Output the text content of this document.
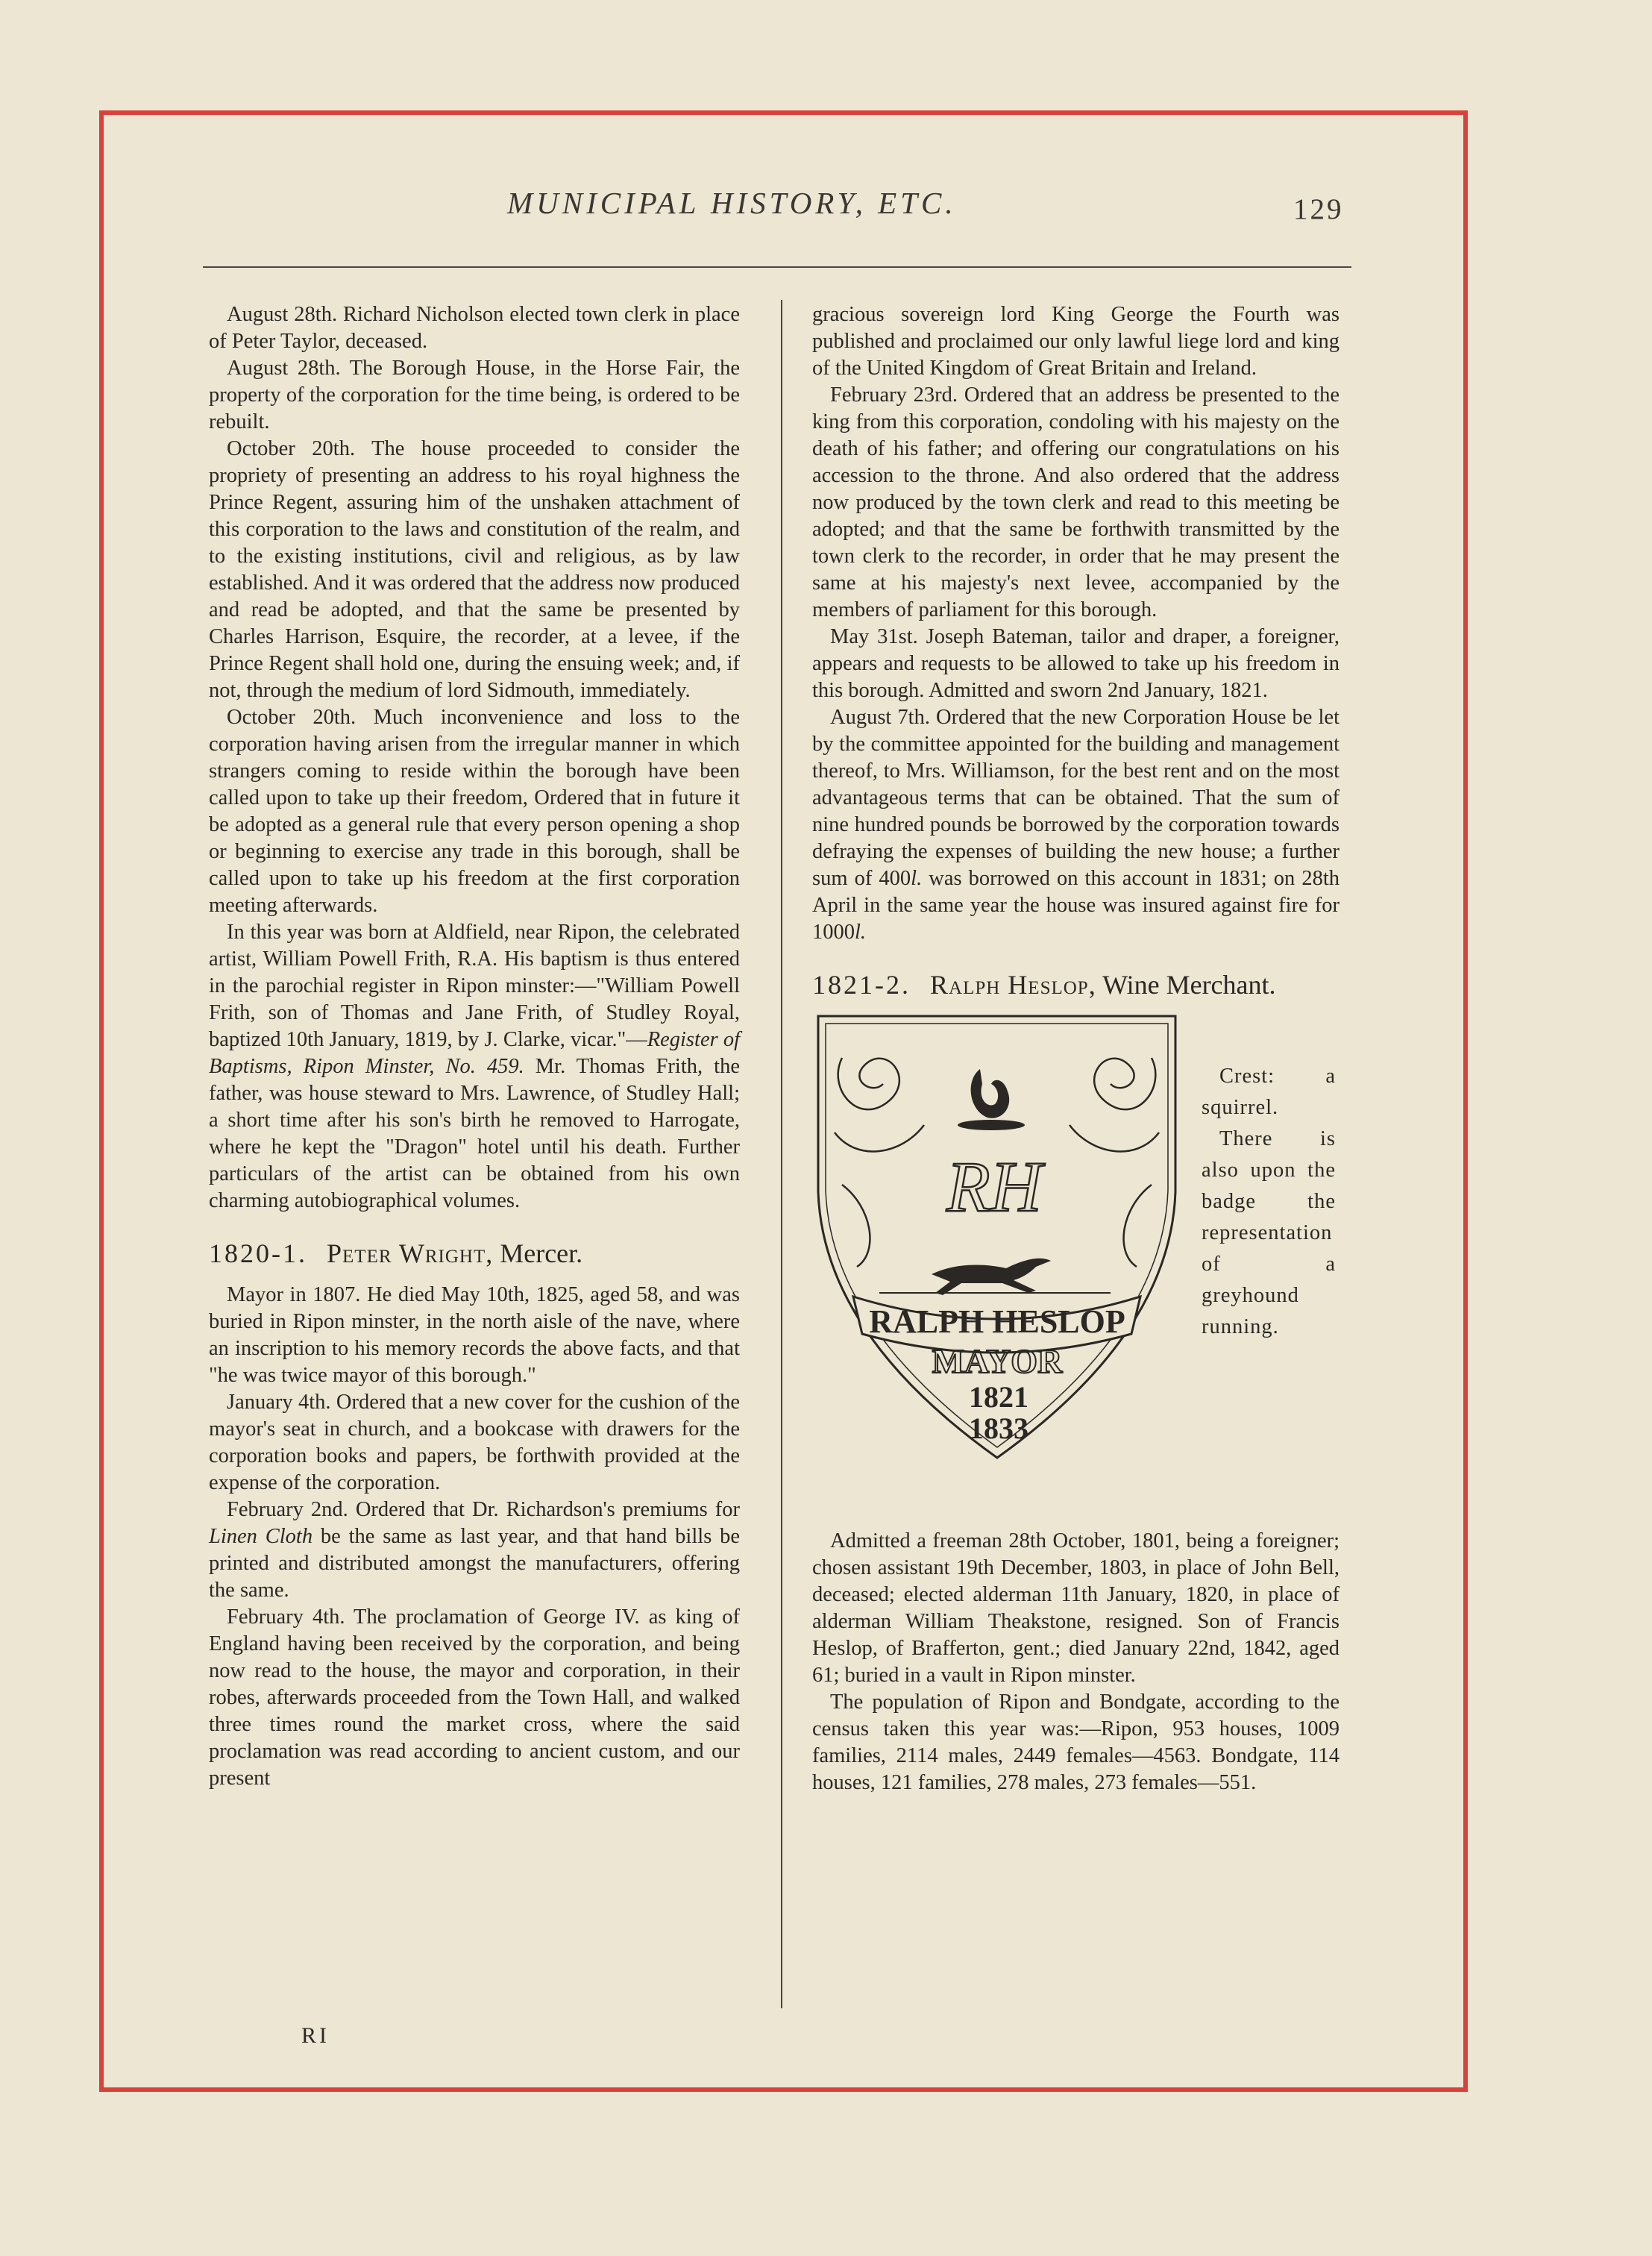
MUNICIPAL HISTORY, ETC.	129

August 28th. Richard Nicholson elected town clerk in place of Peter Taylor, deceased.

August 28th. The Borough House, in the Horse Fair, the property of the corporation for the time being, is ordered to be rebuilt.

October 20th. The house proceeded to consider the propriety of presenting an address to his royal highness the Prince Regent, assuring him of the unshaken attachment of this corporation to the laws and constitution of the realm, and to the existing institutions, civil and religious, as by law established. And it was ordered that the address now produced and read be adopted, and that the same be presented by Charles Harrison, Esquire, the recorder, at a levee, if the Prince Regent shall hold one, during the ensuing week; and, if not, through the medium of lord Sidmouth, immediately.

October 20th. Much inconvenience and loss to the corporation having arisen from the irregular manner in which strangers coming to reside within the borough have been called upon to take up their freedom, Ordered that in future it be adopted as a general rule that every person opening a shop or beginning to exercise any trade in this borough, shall be called upon to take up his freedom at the first corporation meeting afterwards.

In this year was born at Aldfield, near Ripon, the celebrated artist, William Powell Frith, R.A. His baptism is thus entered in the parochial register in Ripon minster:—"William Powell Frith, son of Thomas and Jane Frith, of Studley Royal, baptized 10th January, 1819, by J. Clarke, vicar."—Register of Baptisms, Ripon Minster, No. 459. Mr. Thomas Frith, the father, was house steward to Mrs. Lawrence, of Studley Hall; a short time after his son's birth he removed to Harrogate, where he kept the "Dragon" hotel until his death. Further particulars of the artist can be obtained from his own charming autobiographical volumes.

1820-1. Peter Wright, Mercer.

Mayor in 1807. He died May 10th, 1825, aged 58, and was buried in Ripon minster, in the north aisle of the nave, where an inscription to his memory records the above facts, and that "he was twice mayor of this borough."

January 4th. Ordered that a new cover for the cushion of the mayor's seat in church, and a bookcase with drawers for the corporation books and papers, be forthwith provided at the expense of the corporation.

February 2nd. Ordered that Dr. Richardson's premiums for Linen Cloth be the same as last year, and that hand bills be printed and distributed amongst the manufacturers, offering the same.

February 4th. The proclamation of George IV. as king of England having been received by the corporation, and being now read to the house, the mayor and corporation, in their robes, afterwards proceeded from the Town Hall, and walked three times round the market cross, where the said proclamation was read according to ancient custom, and our present

gracious sovereign lord King George the Fourth was published and proclaimed our only lawful liege lord and king of the United Kingdom of Great Britain and Ireland.

February 23rd. Ordered that an address be presented to the king from this corporation, condoling with his majesty on the death of his father; and offering our congratulations on his accession to the throne. And also ordered that the address now produced by the town clerk and read to this meeting be adopted; and that the same be forthwith transmitted by the town clerk to the recorder, in order that he may present the same at his majesty's next levee, accompanied by the members of parliament for this borough.

May 31st. Joseph Bateman, tailor and draper, a foreigner, appears and requests to be allowed to take up his freedom in this borough. Admitted and sworn 2nd January, 1821.

August 7th. Ordered that the new Corporation House be let by the committee appointed for the building and management thereof, to Mrs. Williamson, for the best rent and on the most advantageous terms that can be obtained. That the sum of nine hundred pounds be borrowed by the corporation towards defraying the expenses of building the new house; a further sum of 400l. was borrowed on this account in 1831; on 28th April in the same year the house was insured against fire for 1000l.

1821-2. Ralph Heslop, Wine Merchant.
RH
RALPH HESLOP
MAYOR
1821
1833

Crest: a squirrel.

There is also upon the badge the representation of a greyhound running.

Admitted a freeman 28th October, 1801, being a foreigner; chosen assistant 19th December, 1803, in place of John Bell, deceased; elected alderman 11th January, 1820, in place of alderman William Theakstone, resigned. Son of Francis Heslop, of Brafferton, gent.; died January 22nd, 1842, aged 61; buried in a vault in Ripon minster.

The population of Ripon and Bondgate, according to the census taken this year was:—Ripon, 953 houses, 1009 families, 2114 males, 2449 females—4563. Bondgate, 114 houses, 121 families, 278 males, 273 females—551.

RI
